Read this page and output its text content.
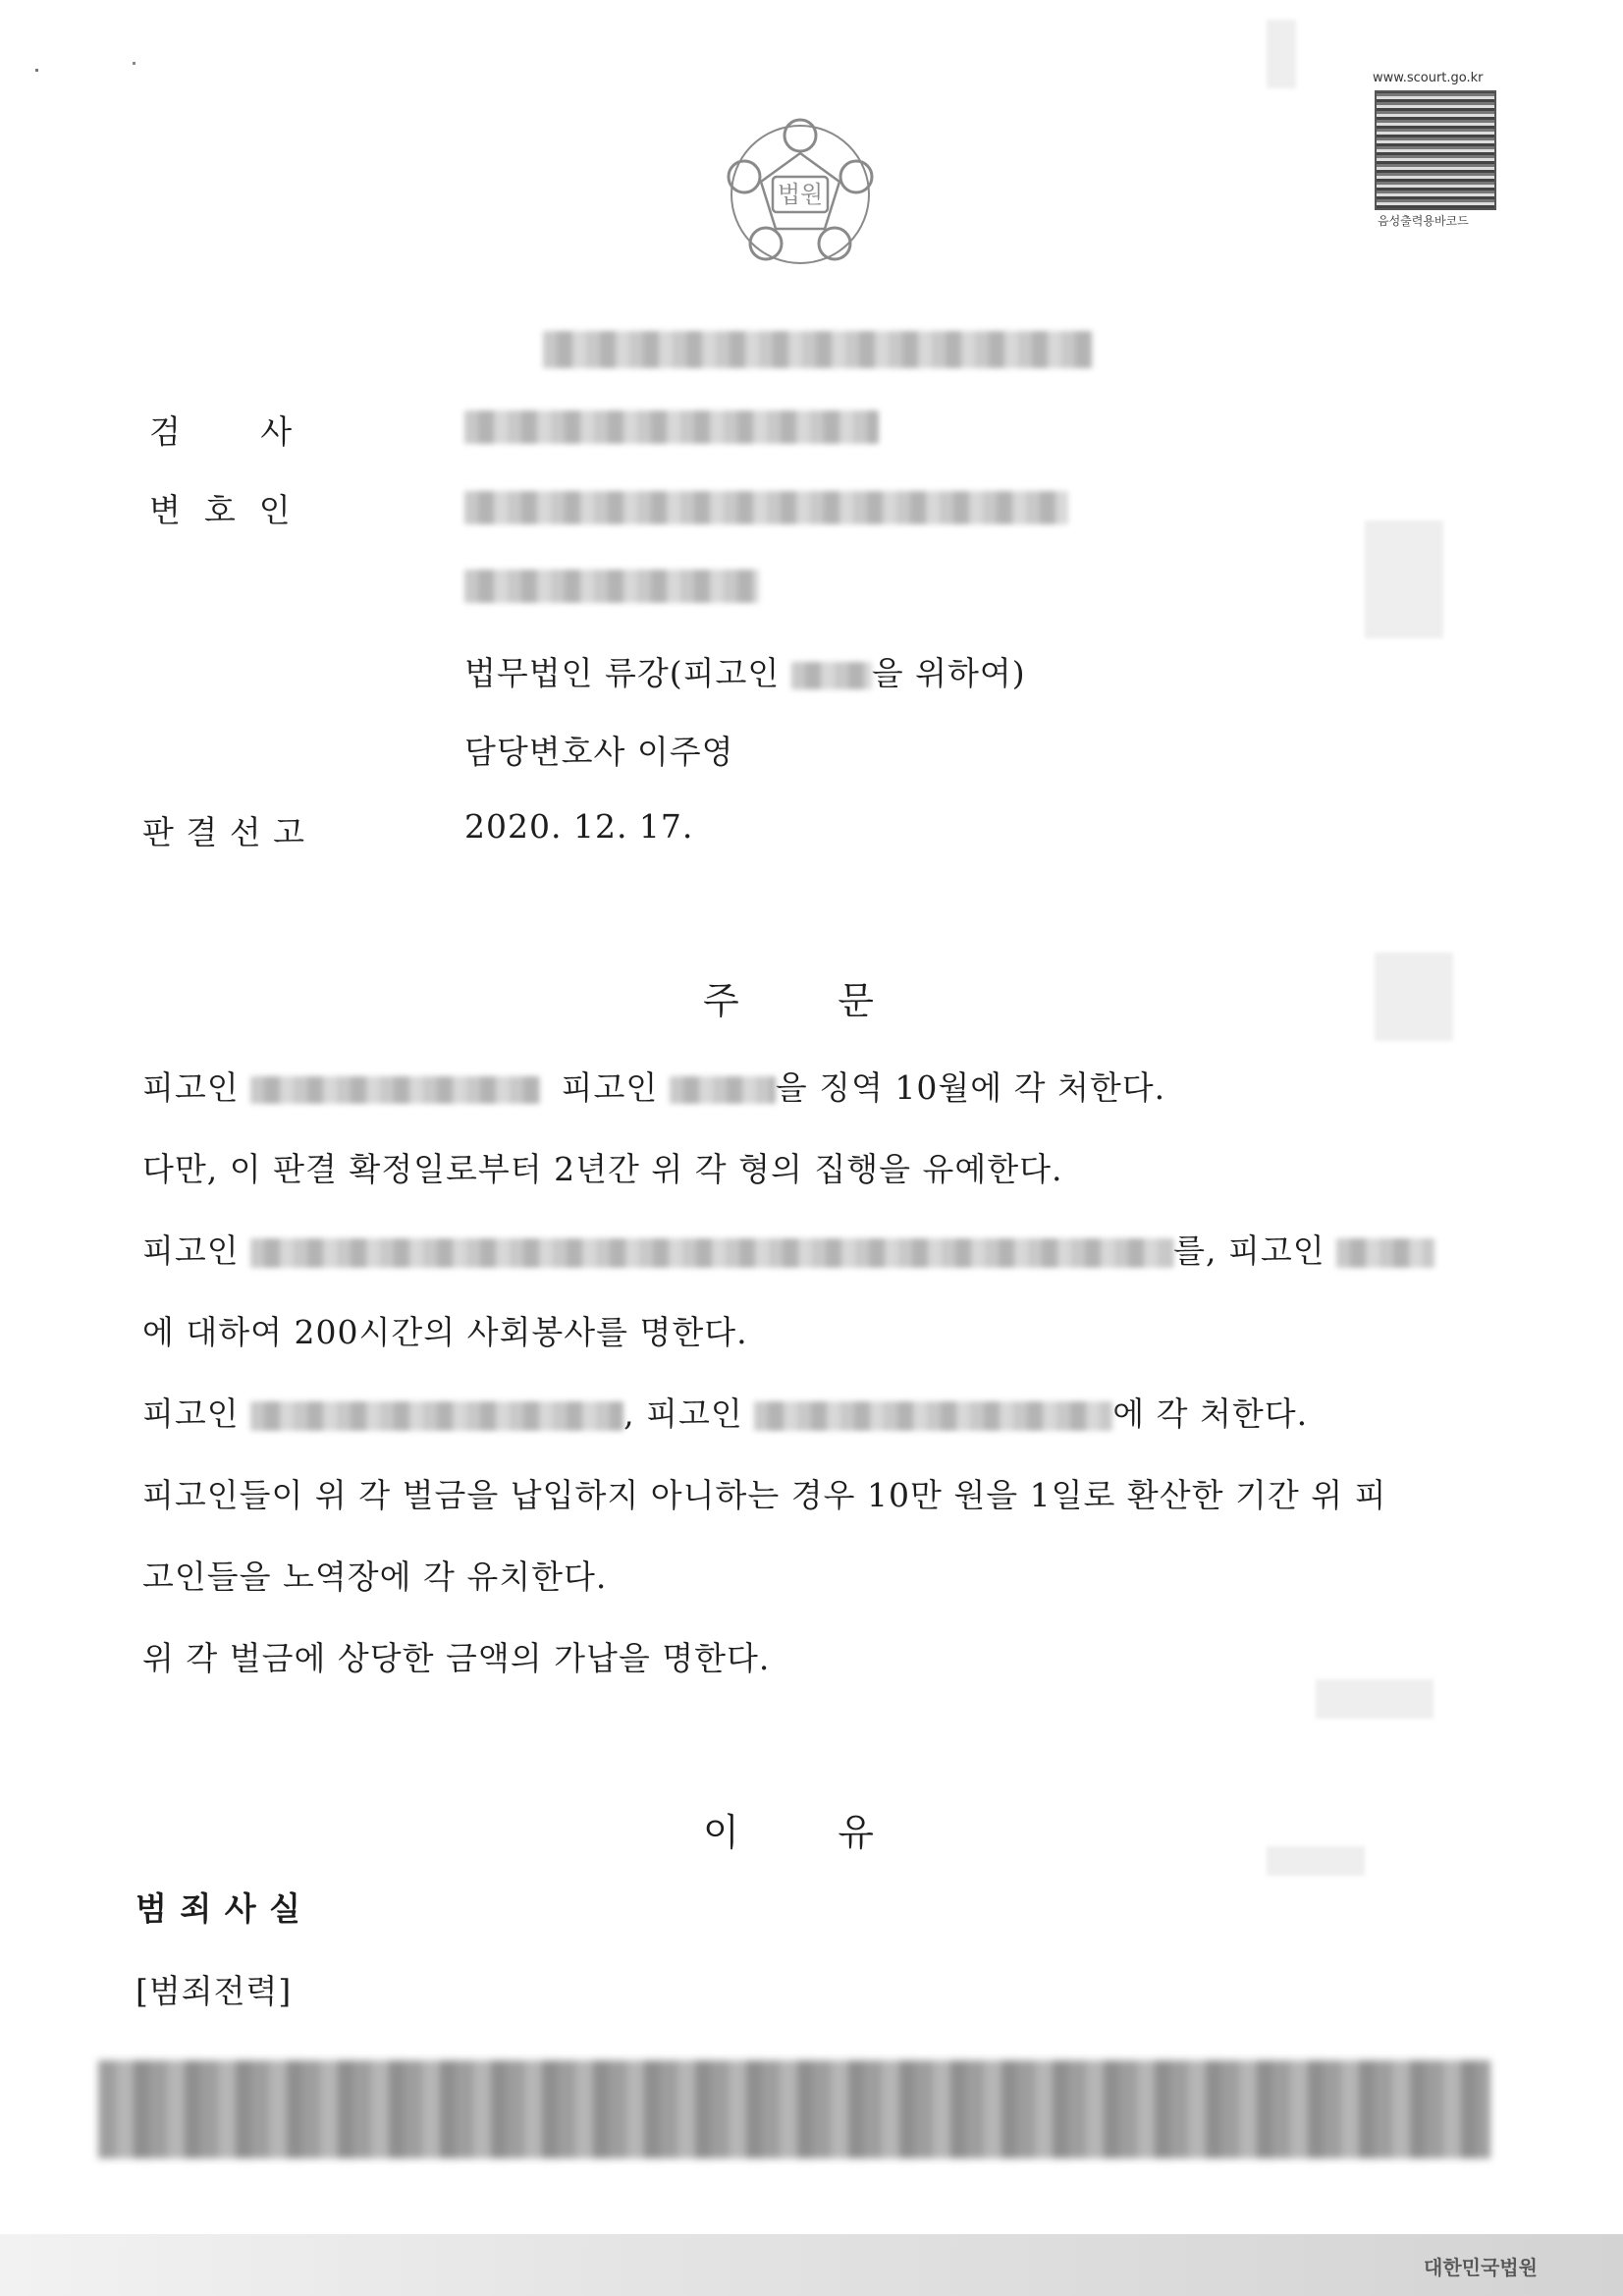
법원
www.scourt.go.kr
음성출력용바코드
검       사
변  호  인
법무법인 류강(피고인 을 위하여)
담당변호사 이주영
판 결 선 고	2020. 12. 17.
주       문
피고인	피고인	을 징역 10월에 각 처한다.
다만, 이 판결 확정일로부터 2년간 위 각 형의 집행을 유예한다.
피고인	를, 피고인
에 대하여 200시간의 사회봉사를 명한다.
피고인	, 피고인	에 각 처한다.
피고인들이 위 각 벌금을 납입하지 아니하는 경우 10만 원을 1일로 환산한 기간 위 피
고인들을 노역장에 각 유치한다.
위 각 벌금에 상당한 금액의 가납을 명한다.
이       유
범 죄 사 실
[범죄전력]
대한민국법원
